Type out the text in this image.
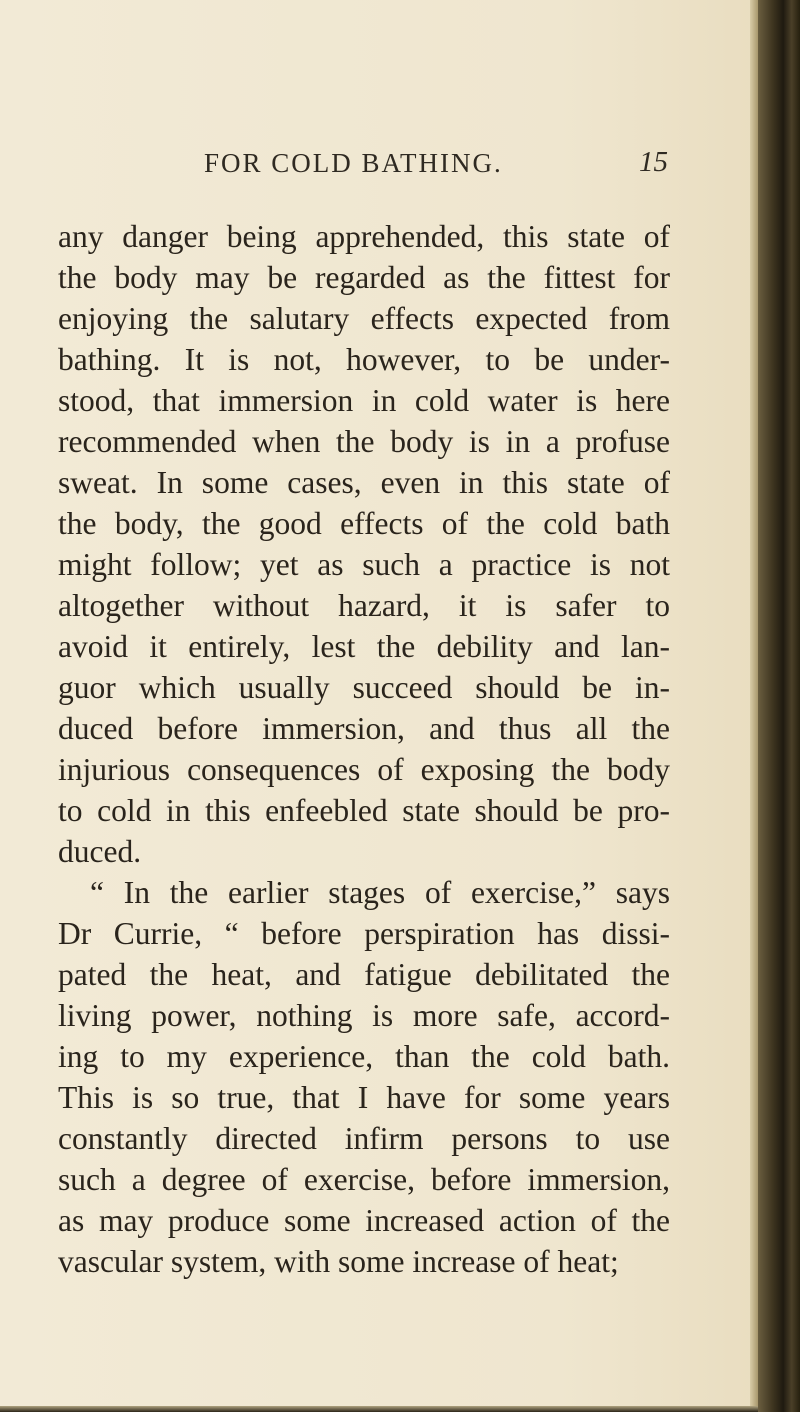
FOR COLD BATHING.	15
any danger being apprehended, this state of
the body may be regarded as the fittest for
enjoying the salutary effects expected from
bathing. It is not, however, to be under-
stood, that immersion in cold water is here
recommended when the body is in a profuse
sweat. In some cases, even in this state of
the body, the good effects of the cold bath
might follow; yet as such a practice is not
altogether without hazard, it is safer to
avoid it entirely, lest the debility and lan-
guor which usually succeed should be in-
duced before immersion, and thus all the
injurious consequences of exposing the body
to cold in this enfeebled state should be pro-
duced.
“ In the earlier stages of exercise,” says
Dr Currie, “ before perspiration has dissi-
pated the heat, and fatigue debilitated the
living power, nothing is more safe, accord-
ing to my experience, than the cold bath.
This is so true, that I have for some years
constantly directed infirm persons to use
such a degree of exercise, before immersion,
as may produce some increased action of the
vascular system, with some increase of heat;
